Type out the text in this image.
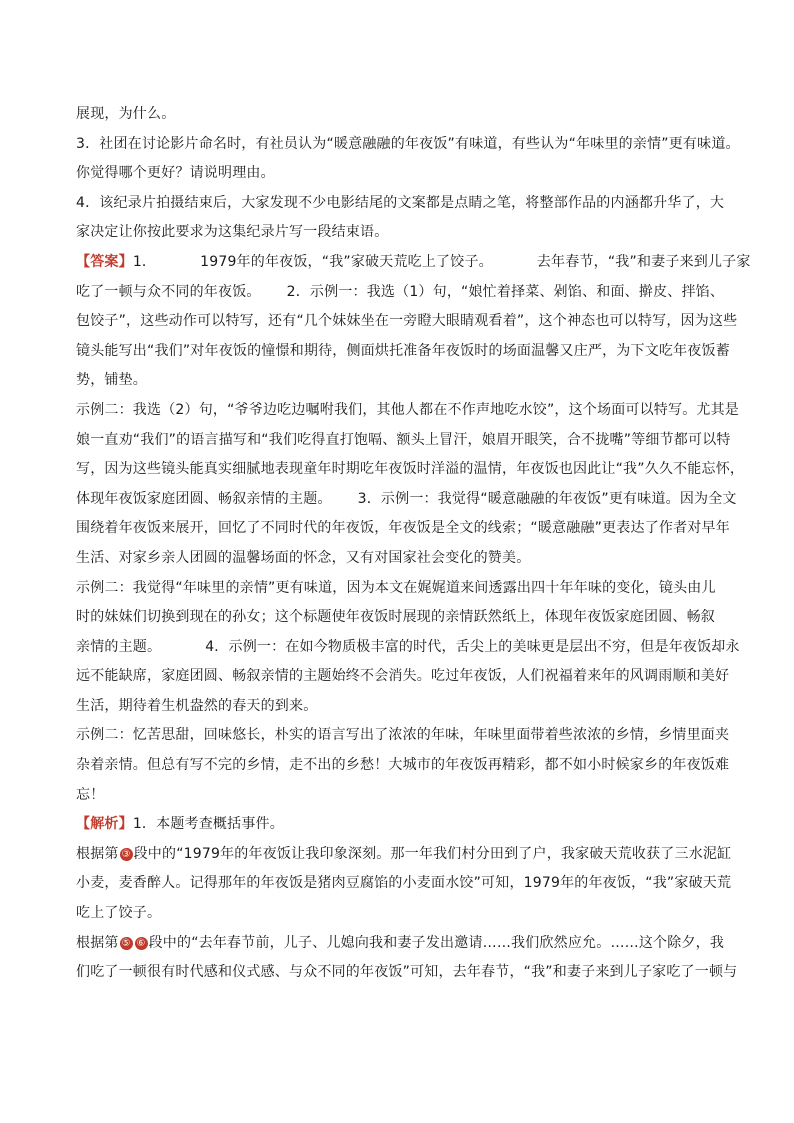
展现，为什么。
3．社团在讨论影片命名时，有社员认为“暖意融融的年夜饭”有味道，有些认为“年味里的亲情”更有味道。
你觉得哪个更好？请说明理由。
4．该纪录片拍摄结束后，大家发现不少电影结尾的文案都是点睛之笔，将整部作品的内涵都升华了，大
家决定让你按此要求为这集纪录片写一段结束语。
【答案】1．	1979年的年夜饭，“我”家破天荒吃上了饺子。	去年春节，“我”和妻子来到儿子家
吃了一顿与众不同的年夜饭。 2．示例一：我选（1）句，“娘忙着择菜、剁馅、和面、擀皮、拌馅、
包饺子”，这些动作可以特写，还有“几个妹妹坐在一旁瞪大眼睛观看着”，这个神态也可以特写，因为这些
镜头能写出“我们”对年夜饭的憧憬和期待，侧面烘托准备年夜饭时的场面温馨又庄严，为下文吃年夜饭蓄
势，铺垫。
示例二：我选（2）句，“爷爷边吃边嘱咐我们，其他人都在不作声地吃水饺”，这个场面可以特写。尤其是
娘一直劝“我们”的语言描写和“我们吃得直打饱嗝、额头上冒汗，娘眉开眼笑，合不拢嘴”等细节都可以特
写，因为这些镜头能真实细腻地表现童年时期吃年夜饭时洋溢的温情，年夜饭也因此让“我”久久不能忘怀，
体现年夜饭家庭团圆、畅叙亲情的主题。 3．示例一：我觉得“暖意融融的年夜饭”更有味道。因为全文
围绕着年夜饭来展开，回忆了不同时代的年夜饭，年夜饭是全文的线索；“暖意融融”更表达了作者对早年
生活、对家乡亲人团圆的温馨场面的怀念，又有对国家社会变化的赞美。
示例二：我觉得“年味里的亲情”更有味道，因为本文在娓娓道来间透露出四十年年味的变化，镜头由儿
时的妹妹们切换到现在的孙女；这个标题使年夜饭时展现的亲情跃然纸上，体现年夜饭家庭团圆、畅叙
亲情的主题。	4．示例一：在如今物质极丰富的时代，舌尖上的美味更是层出不穷，但是年夜饭却永
远不能缺席，家庭团圆、畅叙亲情的主题始终不会消失。吃过年夜饭，人们祝福着来年的风调雨顺和美好
生活，期待着生机盎然的春天的到来。
示例二：忆苦思甜，回味悠长，朴实的语言写出了浓浓的年味，年味里面带着些浓浓的乡情，乡情里面夹
杂着亲情。但总有写不完的乡情，走不出的乡愁！大城市的年夜饭再精彩，都不如小时候家乡的年夜饭难
忘！
【解析】1．本题考查概括事件。
根据第 ③ 段中的“1979年的年夜饭让我印象深刻。那一年我们村分田到了户，我家破天荒收获了三水泥缸
小麦，麦香醉人。记得那年的年夜饭是猪肉豆腐馅的小麦面水饺”可知，1979年的年夜饭，“我”家破天荒
吃上了饺子。
根据第 ⑤ ⑥ 段中的“去年春节前，儿子、儿媳向我和妻子发出邀请……我们欣然应允。……这个除夕，我
们吃了一顿很有时代感和仪式感、与众不同的年夜饭”可知，去年春节，“我”和妻子来到儿子家吃了一顿与
